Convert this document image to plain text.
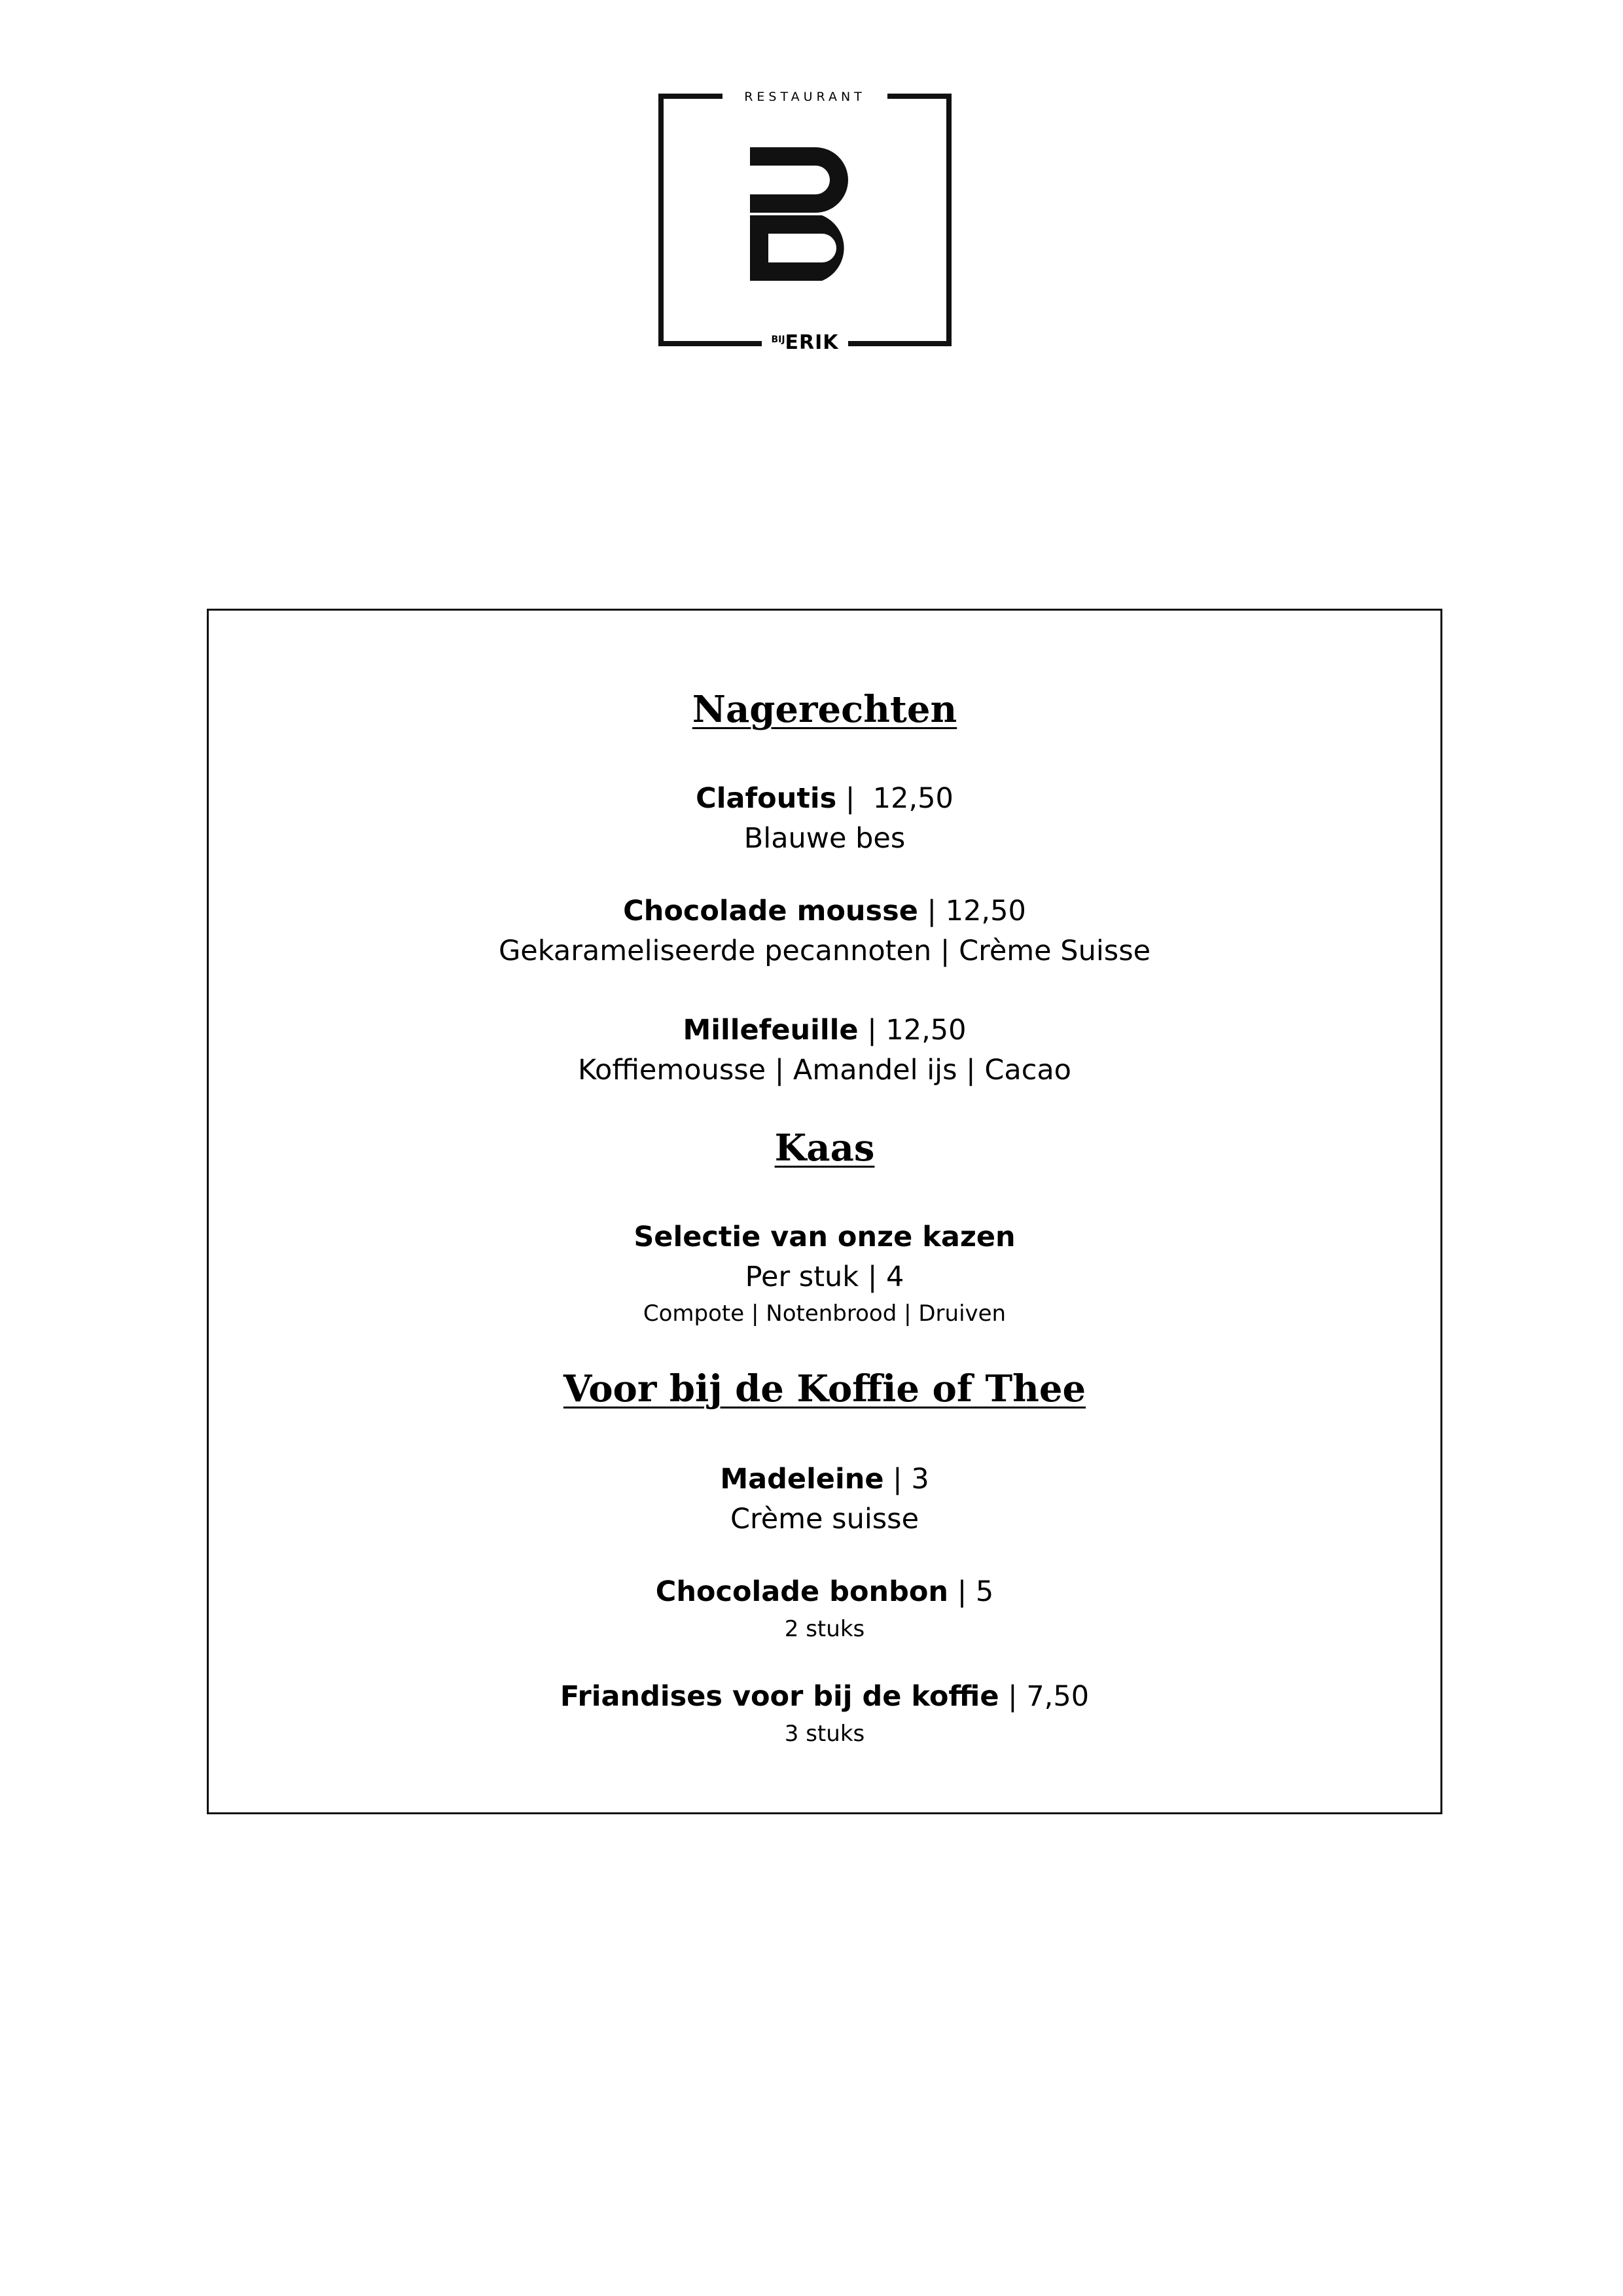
RESTAURANT
$^{BIJ}$ERIK

Nagerechten

Clafoutis |  12,50

Blauwe bes

Chocolade mousse | 12,50

Gekarameliseerde pecannoten | Crème Suisse

Millefeuille | 12,50

Koffiemousse | Amandel ijs | Cacao

Kaas

Selectie van onze kazen

Per stuk | 4

Compote | Notenbrood | Druiven

Voor bij de Koffie of Thee

Madeleine | 3

Crème suisse

Chocolade bonbon | 5

2 stuks

Friandises voor bij de koffie | 7,50

3 stuks
